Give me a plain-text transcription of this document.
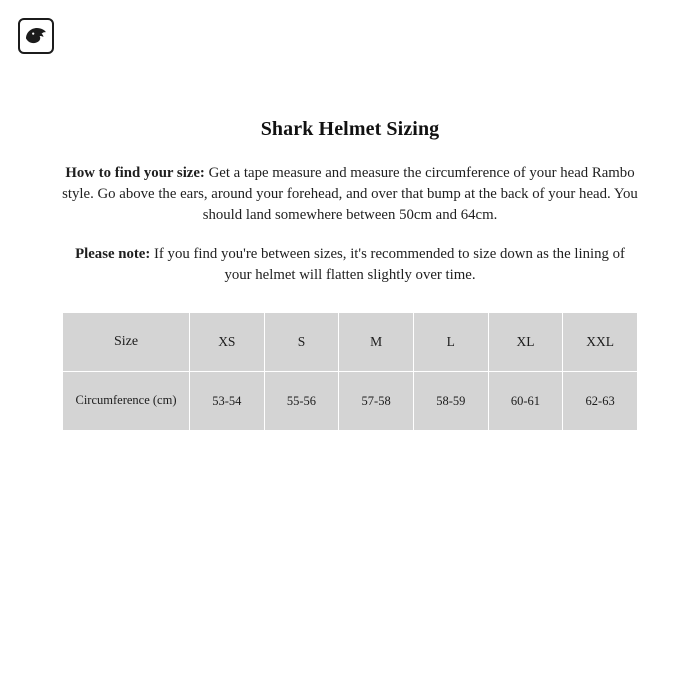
Shark Helmet Sizing

How to find your size: Get a tape measure and measure the circumference of your head Rambo style. Go above the ears, around your forehead, and over that bump at the back of your head. You should land somewhere between 50cm and 64cm.

Please note: If you find you're between sizes, it's recommended to size down as the lining of your helmet will flatten slightly over time.

Size	XS	S	M	L	XL	XXL
Circumference (cm)	53-54	55-56	57-58	58-59	60-61	62-63
